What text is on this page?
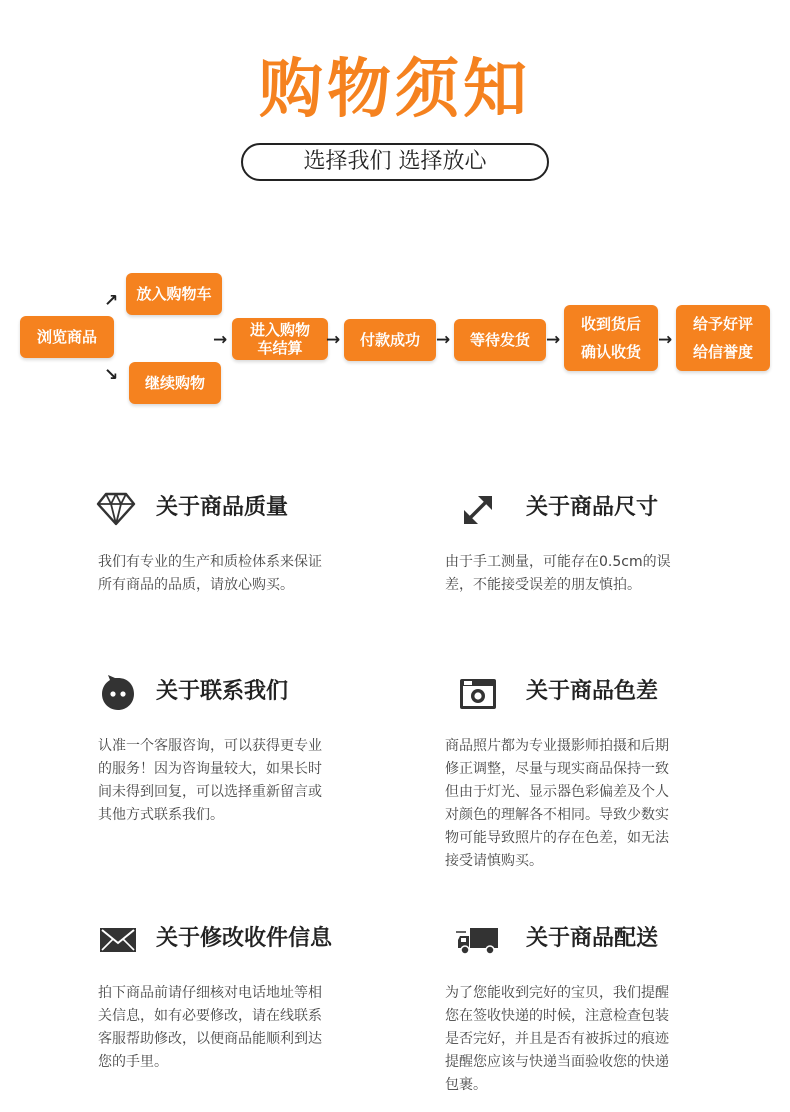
购物须知
选择我们 选择放心
浏览商品
↗
↘
放入购物车
继续购物
→	进入购物
车结算	→	付款成功 →	等待发货 →
收到货后
确认收货
→
给予好评
给信誉度
关于商品质量
我们有专业的生产和质检体系来保证
所有商品的品质，请放心购买。
关于商品尺寸
由于手工测量，可能存在0.5cm的误
差，不能接受误差的朋友慎拍。
关于联系我们
认准一个客服咨询，可以获得更专业
的服务！因为咨询量较大，如果长时
间未得到回复，可以选择重新留言或
其他方式联系我们。
关于商品色差
商品照片都为专业摄影师拍摄和后期
修正调整，尽量与现实商品保持一致
但由于灯光、显示器色彩偏差及个人
对颜色的理解各不相同。导致少数实
物可能导致照片的存在色差，如无法
接受请慎购买。
关于修改收件信息
拍下商品前请仔细核对电话地址等相
关信息，如有必要修改，请在线联系
客服帮助修改，以便商品能顺利到达
您的手里。
关于商品配送
为了您能收到完好的宝贝，我们提醒
您在签收快递的时候，注意检查包装
是否完好，并且是否有被拆过的痕迹
提醒您应该与快递当面验收您的快递
包裹。
